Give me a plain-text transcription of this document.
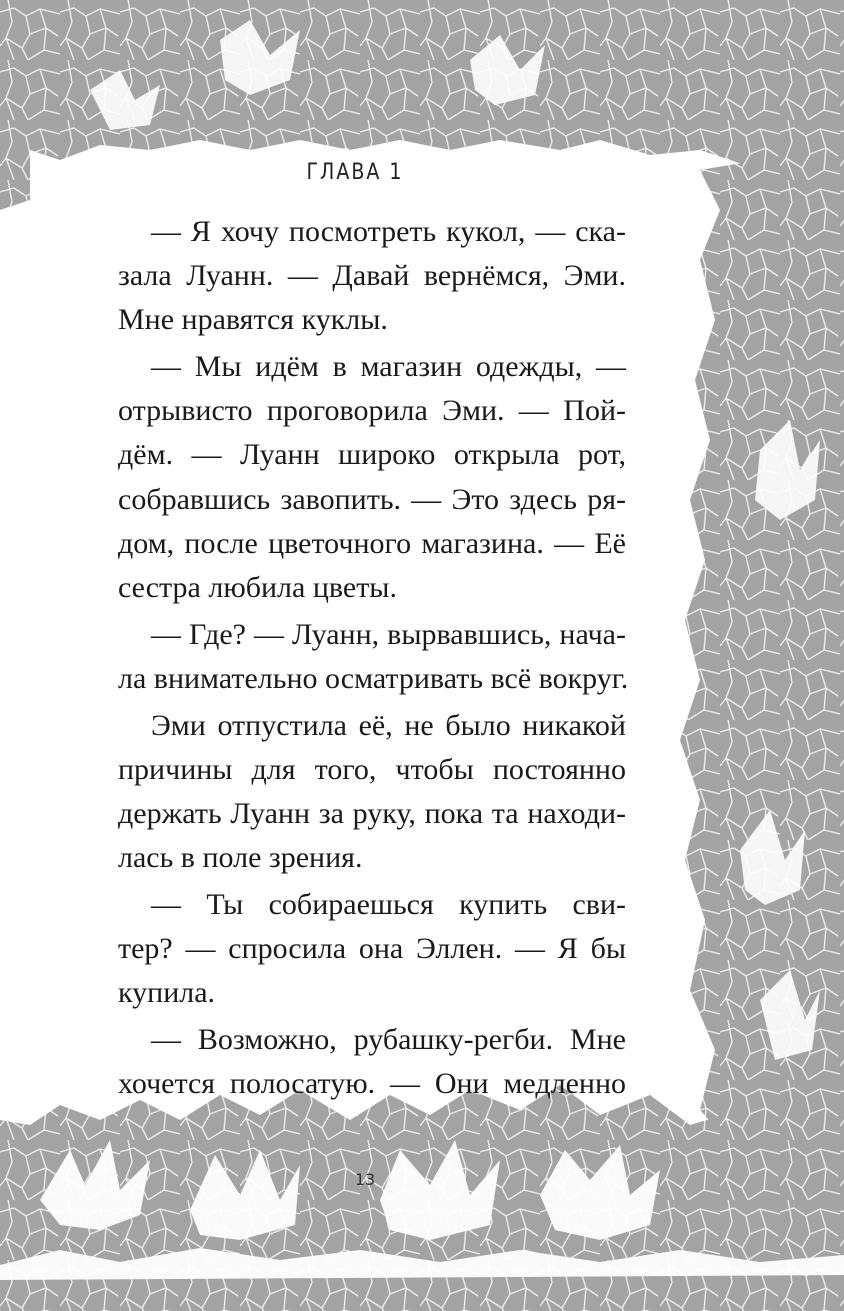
ГЛАВА 1
— Я хочу посмотреть кукол, — ска-
зала Луанн. — Давай вернёмся, Эми.
Мне нравятся куклы.
— Мы идём в магазин одежды, —
отрывисто проговорила Эми. — Пой-
дём. — Луанн широко открыла рот,
собравшись завопить. — Это здесь ря-
дом, после цветочного магазина. — Её
сестра любила цветы.
— Где? — Луанн, вырвавшись, нача-
ла внимательно осматривать всё вокруг.
Эми отпустила её, не было никакой
причины для того, чтобы постоянно
держать Луанн за руку, пока та находи-
лась в поле зрения.
— Ты собираешься купить сви-
тер? — спросила она Эллен. — Я бы
купила.
— Возможно, рубашку-регби. Мне
хочется полосатую. — Они медленно
13
